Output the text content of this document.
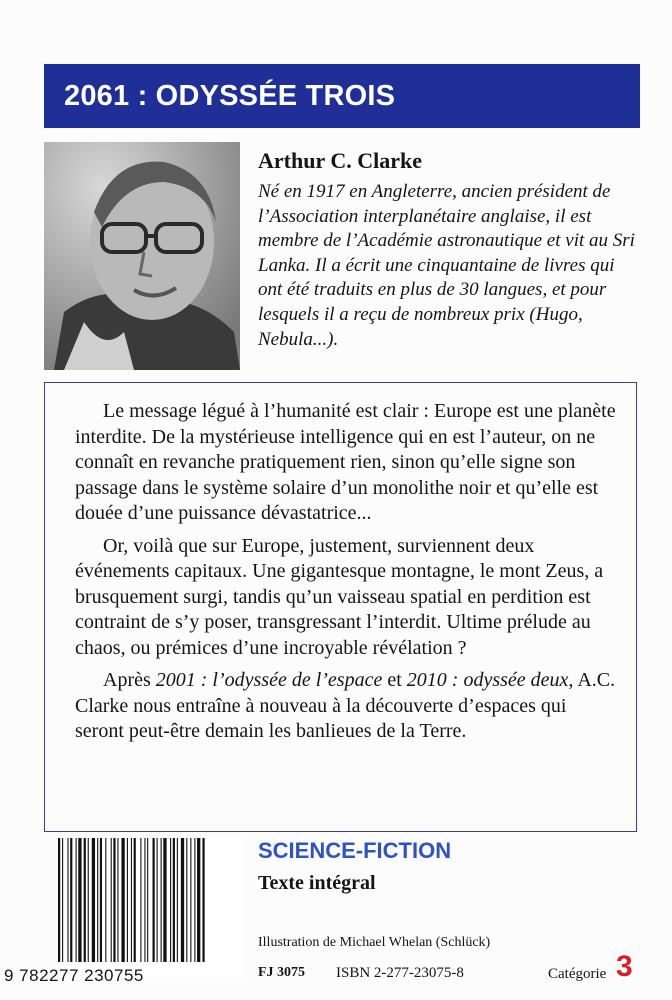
2061 : ODYSSÉE TROIS
Arthur C. Clarke
Né en 1917 en Angleterre, ancien président de l’Association interplanétaire anglaise, il est membre de l’Académie astronautique et vit au Sri Lanka. Il a écrit une cinquantaine de livres qui ont été traduits en plus de 30 langues, et pour lesquels il a reçu de nombreux prix (Hugo, Nebula...).

Le message légué à l’humanité est clair : Europe est une planète interdite. De la mystérieuse intelligence qui en est l’auteur, on ne connaît en revanche pratiquement rien, sinon qu’elle signe son passage dans le système solaire d’un monolithe noir et qu’elle est douée d’une puissance dévastatrice...

Or, voilà que sur Europe, justement, surviennent deux événements capitaux. Une gigantesque montagne, le mont Zeus, a brusquement surgi, tandis qu’un vaisseau spatial en perdition est contraint de s’y poser, transgressant l’interdit. Ultime prélude au chaos, ou prémices d’une incroyable révélation ?

Après 2001 : l’odyssée de l’espace et 2010 : odyssée deux, A.C. Clarke nous entraîne à nouveau à la découverte d’espaces qui seront peut-être demain les banlieues de la Terre.

9 782277 230755
SCIENCE-FICTION
Texte intégral
Illustration de Michael Whelan (Schlück)
FJ 3075 ISBN 2-277-23075-8	Catégorie 3
